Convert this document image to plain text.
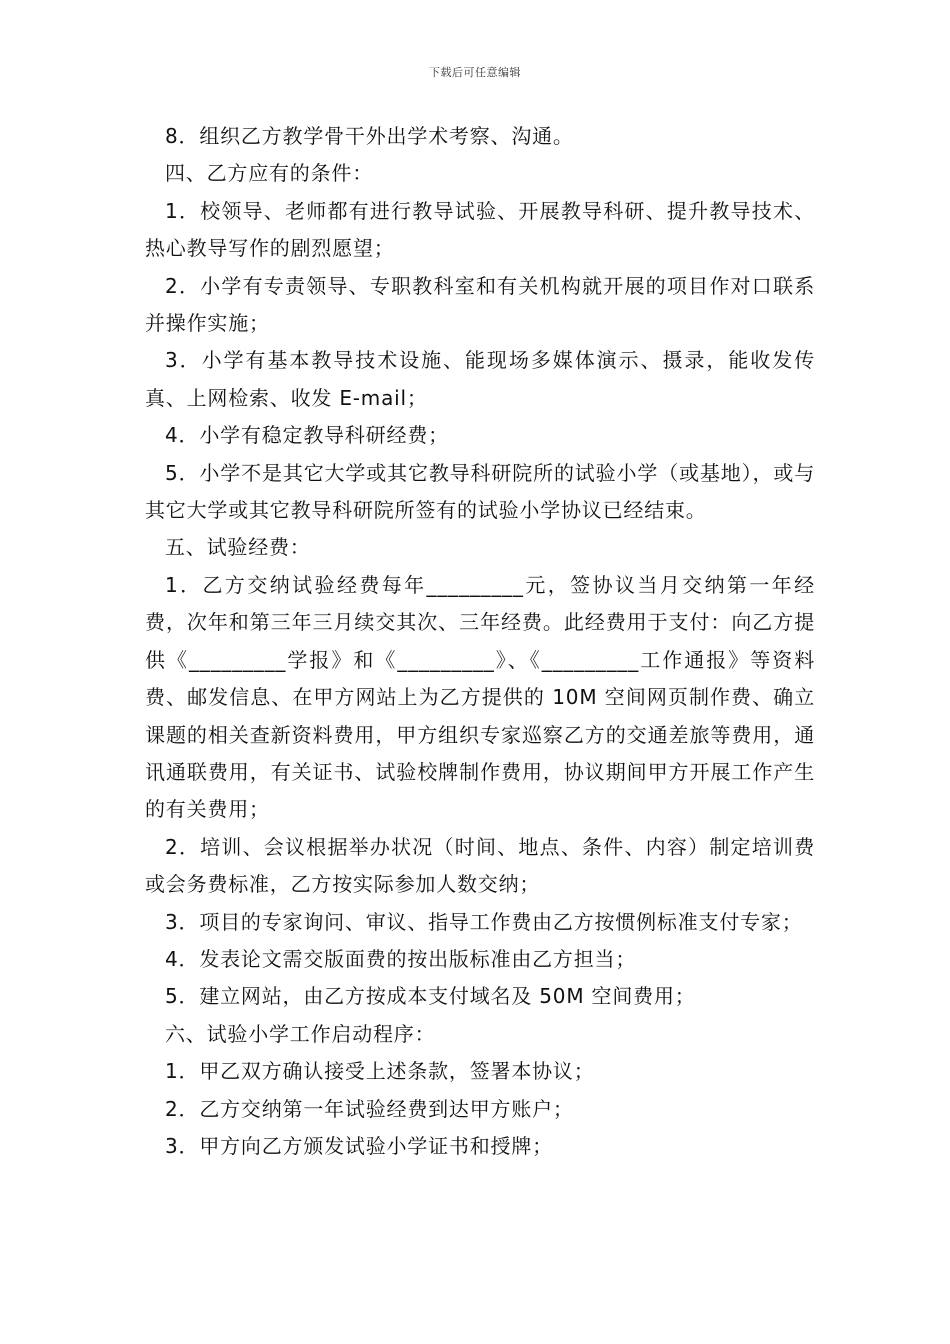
下载后可任意编辑

8．组织乙方教学骨干外出学术考察、沟通。

四、乙方应有的条件：

1．校领导、老师都有进行教导试验、开展教导科研、提升教导技术、热心教导写作的剧烈愿望；

2．小学有专责领导、专职教科室和有关机构就开展的项目作对口联系并操作实施；

3．小学有基本教导技术设施、能现场多媒体演示、摄录，能收发传真、上网检索、收发 E-mail；

4．小学有稳定教导科研经费；

5．小学不是其它大学或其它教导科研院所的试验小学（或基地），或与其它大学或其它教导科研院所签有的试验小学协议已经结束。

五、试验经费：

1．乙方交纳试验经费每年_________元，签协议当月交纳第一年经费，次年和第三年三月续交其次、三年经费。此经费用于支付：向乙方提供《_________学报》和《_________》、《_________工作通报》等资料费、邮发信息、在甲方网站上为乙方提供的 10M 空间网页制作费、确立课题的相关查新资料费用，甲方组织专家巡察乙方的交通差旅等费用，通讯通联费用，有关证书、试验校牌制作费用，协议期间甲方开展工作产生的有关费用；

2．培训、会议根据举办状况（时间、地点、条件、内容）制定培训费或会务费标准，乙方按实际参加人数交纳；

3．项目的专家询问、审议、指导工作费由乙方按惯例标准支付专家；

4．发表论文需交版面费的按出版标准由乙方担当；

5．建立网站，由乙方按成本支付域名及 50M 空间费用；

六、试验小学工作启动程序：

1．甲乙双方确认接受上述条款，签署本协议；

2．乙方交纳第一年试验经费到达甲方账户；

3．甲方向乙方颁发试验小学证书和授牌；
